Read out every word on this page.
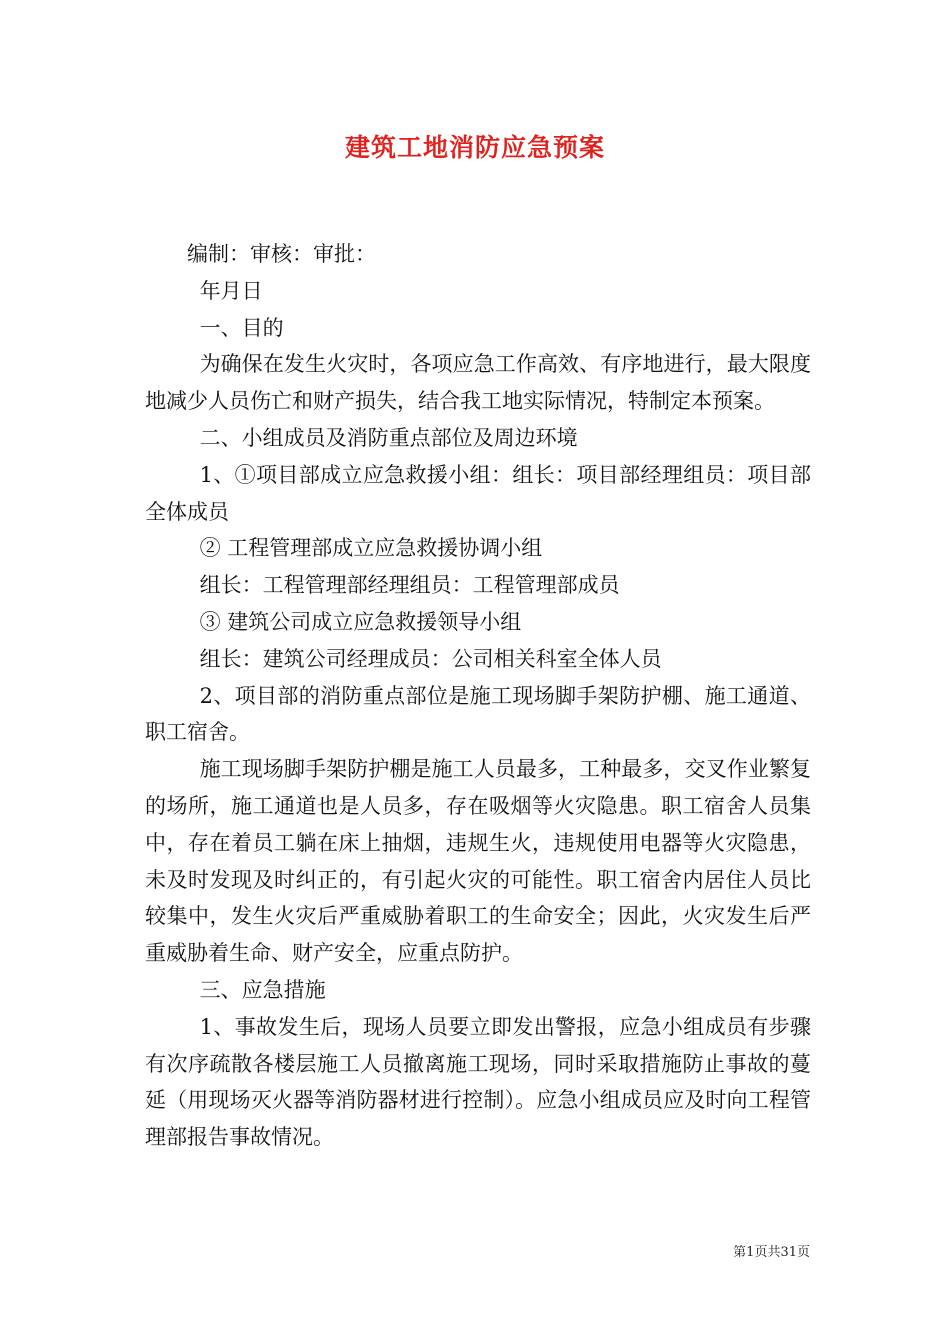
建筑工地消防应急预案

编制：审核：审批：

年月日

一、目的

为确保在发生火灾时，各项应急工作高效、有序地进行，最大限度地减少人员伤亡和财产损失，结合我工地实际情况，特制定本预案。

二、小组成员及消防重点部位及周边环境

1、①项目部成立应急救援小组：组长：项目部经理组员：项目部全体成员

② 工程管理部成立应急救援协调小组

组长：工程管理部经理组员：工程管理部成员

③ 建筑公司成立应急救援领导小组

组长：建筑公司经理成员：公司相关科室全体人员

2、项目部的消防重点部位是施工现场脚手架防护棚、施工通道、职工宿舍。

施工现场脚手架防护棚是施工人员最多，工种最多，交叉作业繁复的场所，施工通道也是人员多，存在吸烟等火灾隐患。职工宿舍人员集中，存在着员工躺在床上抽烟，违规生火，违规使用电器等火灾隐患，未及时发现及时纠正的，有引起火灾的可能性。职工宿舍内居住人员比较集中，发生火灾后严重威胁着职工的生命安全；因此，火灾发生后严重威胁着生命、财产安全，应重点防护。

三、应急措施

1、事故发生后，现场人员要立即发出警报，应急小组成员有步骤有次序疏散各楼层施工人员撤离施工现场，同时采取措施防止事故的蔓延（用现场灭火器等消防器材进行控制）。应急小组成员应及时向工程管理部报告事故情况。

第1页共31页
